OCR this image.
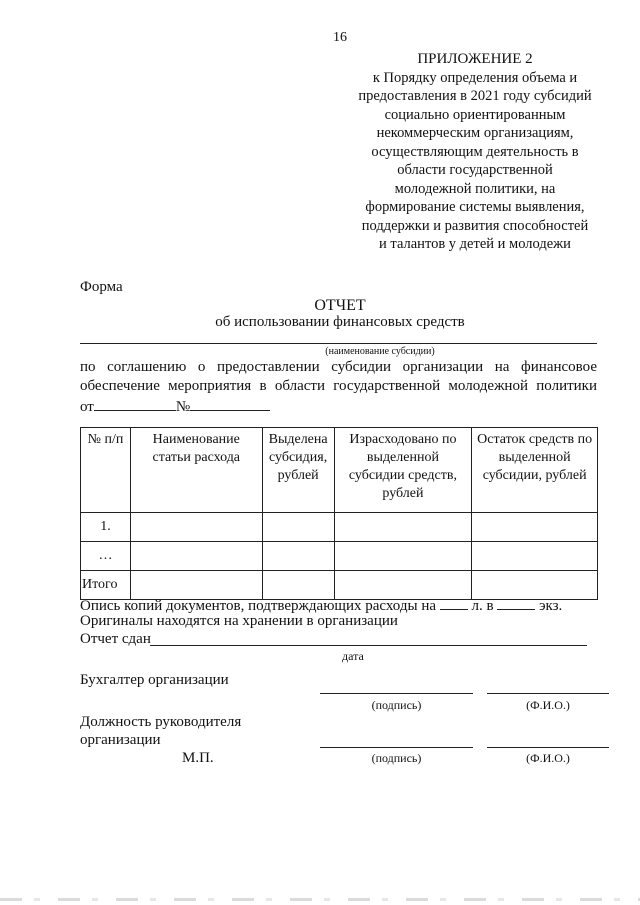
16
ПРИЛОЖЕНИЕ 2
к Порядку определения объема и
предоставления в 2021 году субсидий
социально ориентированным
некоммерческим организациям,
осуществляющим деятельность в
области государственной
молодежной политики, на
формирование системы выявления,
поддержки и развития способностей
и талантов у детей и молодежи
Форма
ОТЧЕТ
об использовании финансовых средств
(наименование субсидии)
по соглашению о предоставлении субсидии организации на финансовое
обеспечение мероприятия в области государственной молодежной политики
от	№
№ п/п	Наименование статьи расхода	Выделена субсидия, рублей	Израсходовано по выделенной субсидии средств, рублей	Остаток средств по выделенной субсидии, рублей
1.				
…				
Итого				
Опись копий документов, подтверждающих расходы на л. в	экз.
Оригиналы находятся на хранении в организации
Отчет сдан
дата
Бухгалтер организации
(подпись)	(Ф.И.О.)
Должность руководителя
организации
М.П.	(подпись)	(Ф.И.О.)
